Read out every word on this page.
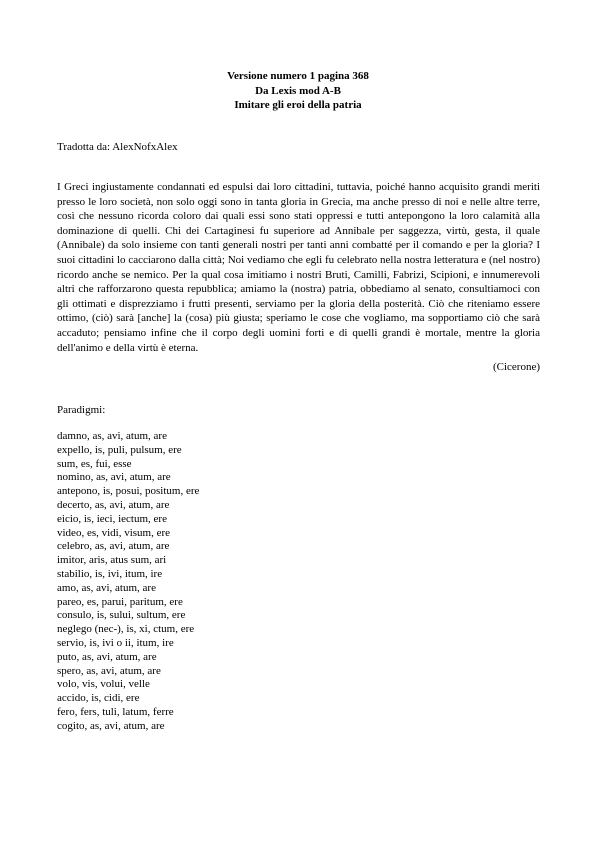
Versione numero 1 pagina 368
Da Lexis mod A-B
Imitare gli eroi della patria
Tradotta da: AlexNofxAlex
I Greci ingiustamente condannati ed espulsi dai loro cittadini, tuttavia, poiché hanno acquisito grandi meriti presso le loro società, non solo oggi sono in tanta gloria in Grecia, ma anche presso di noi e nelle altre terre, così che nessuno ricorda coloro dai quali essi sono stati oppressi e tutti antepongono la loro calamità alla dominazione di quelli. Chi dei Cartaginesi fu superiore ad Annibale per saggezza, virtù, gesta, il quale (Annibale) da solo insieme con tanti generali nostri per tanti anni combatté per il comando e per la gloria? I suoi cittadini lo cacciarono dalla città; Noi vediamo che egli fu celebrato nella nostra letteratura e (nel nostro) ricordo anche se nemico. Per la qual cosa imitiamo i nostri Bruti, Camilli, Fabrizi, Scipioni, e innumerevoli altri che rafforzarono questa repubblica; amiamo la (nostra) patria, obbediamo al senato, consultiamoci con gli ottimati e disprezziamo i frutti presenti, serviamo per la gloria della posterità. Ciò che riteniamo essere ottimo, (ciò) sarà [anche] la (cosa) più giusta; speriamo le cose che vogliamo, ma sopportiamo ciò che sarà accaduto; pensiamo infine che il corpo degli uomini forti e di quelli grandi è mortale, mentre la gloria dell'animo e della virtù è eterna.
(Cicerone)
Paradigmi:
damno, as, avi, atum, are
expello, is, puli, pulsum, ere
sum, es, fui, esse
nomino, as, avi, atum, are
antepono, is, posui, positum, ere
decerto, as, avi, atum, are
eicio, is, ieci, iectum, ere
video, es, vidi, visum, ere
celebro, as, avi, atum, are
imitor, aris, atus sum, ari
stabilio, is, ivi, itum, ire
amo, as, avi, atum, are
pareo, es, parui, paritum, ere
consulo, is, sului, sultum, ere
neglego (nec-), is, xi, ctum, ere
servio, is, ivi o ii, itum, ire
puto, as, avi, atum, are
spero, as, avi, atum, are
volo, vis, volui, velle
accido, is, cidi, ere
fero, fers, tuli, latum, ferre
cogito, as, avi, atum, are
